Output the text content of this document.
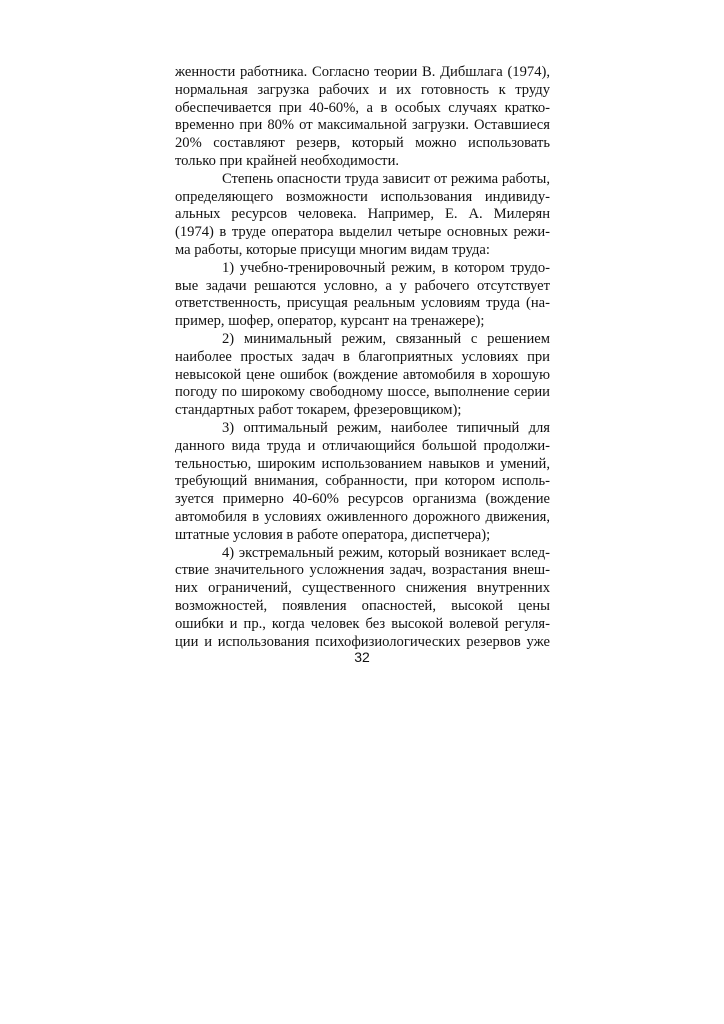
женности работника. Согласно теории В. Дибшлага (1974),
нормальная загрузка рабочих и их готовность к труду
обеспечивается при 40-60%, а в особых случаях кратко-
временно при 80% от максимальной загрузки. Оставшиеся
20% составляют резерв, который можно использовать
только при крайней необходимости.
Степень опасности труда зависит от режима работы,
определяющего возможности использования индивиду-
альных ресурсов человека. Например, Е. А. Милерян
(1974) в труде оператора выделил четыре основных режи-
ма работы, которые присущи многим видам труда:
1) учебно-тренировочный режим, в котором трудо-
вые задачи решаются условно, а у рабочего отсутствует
ответственность, присущая реальным условиям труда (на-
пример, шофер, оператор, курсант на тренажере);
2) минимальный режим, связанный с решением
наиболее простых задач в благоприятных условиях при
невысокой цене ошибок (вождение автомобиля в хорошую
погоду по широкому свободному шоссе, выполнение серии
стандартных работ токарем, фрезеровщиком);
3) оптимальный режим, наиболее типичный для
данного вида труда и отличающийся большой продолжи-
тельностью, широким использованием навыков и умений,
требующий внимания, собранности, при котором исполь-
зуется примерно 40-60% ресурсов организма (вождение
автомобиля в условиях оживленного дорожного движения,
штатные условия в работе оператора, диспетчера);
4) экстремальный режим, который возникает вслед-
ствие значительного усложнения задач, возрастания внеш-
них ограничений, существенного снижения внутренних
возможностей, появления опасностей, высокой цены
ошибки и пр., когда человек без высокой волевой регуля-
ции и использования психофизиологических резервов уже
32
